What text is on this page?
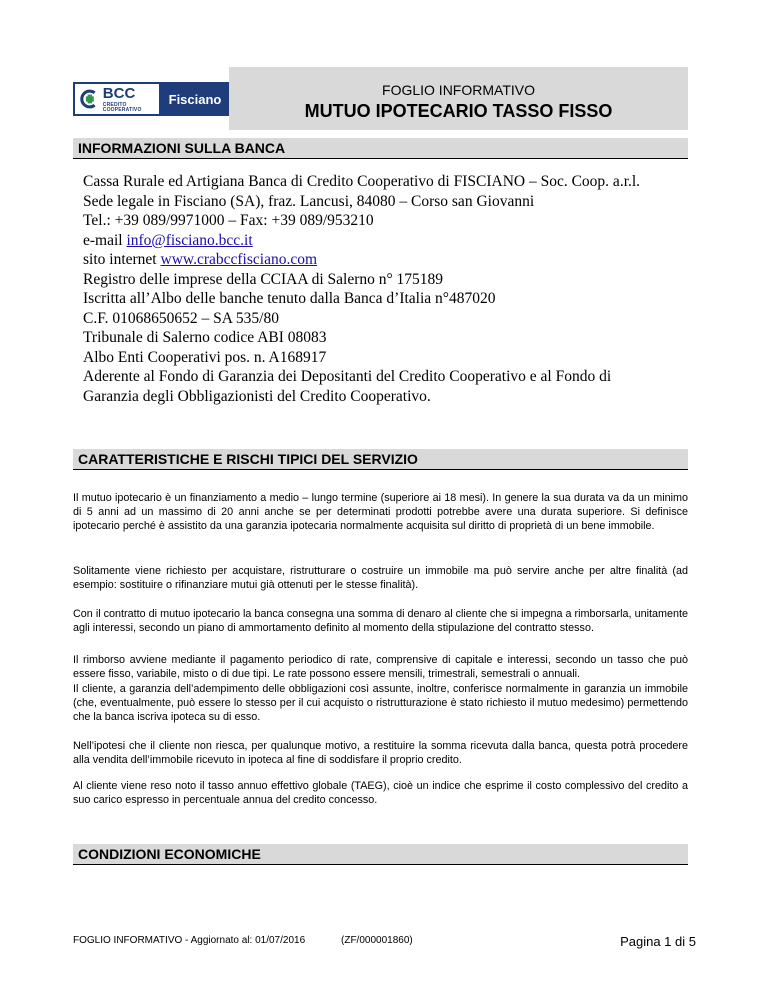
BCC
CREDITO COOPERATIVO
Fisciano
FOGLIO INFORMATIVO
MUTUO IPOTECARIO TASSO FISSO
INFORMAZIONI SULLA BANCA
Cassa Rurale ed Artigiana Banca di Credito Cooperativo di FISCIANO – Soc. Coop. a.r.l.
Sede legale in Fisciano (SA), fraz. Lancusi, 84080 – Corso san Giovanni
Tel.: +39 089/9971000 – Fax: +39 089/953210
e-mail info@fisciano.bcc.it
sito internet www.crabccfisciano.com
Registro delle imprese della CCIAA di Salerno n° 175189
Iscritta all’Albo delle banche tenuto dalla Banca d’Italia n°487020
C.F. 01068650652 – SA 535/80
Tribunale di Salerno codice ABI 08083
Albo Enti Cooperativi pos. n. A168917
Aderente al Fondo di Garanzia dei Depositanti del Credito Cooperativo e al Fondo di Garanzia degli Obbligazionisti del Credito Cooperativo.
CARATTERISTICHE E RISCHI TIPICI DEL SERVIZIO
Il mutuo ipotecario è un finanziamento a medio – lungo termine (superiore ai 18 mesi). In genere la sua durata va da un minimo di 5 anni ad un massimo di 20 anni anche se per determinati prodotti potrebbe avere una durata superiore. Si definisce ipotecario perché è assistito da una garanzia ipotecaria normalmente acquisita sul diritto di proprietà di un bene immobile.
Solitamente viene richiesto per acquistare, ristrutturare o costruire un immobile ma può servire anche per altre finalità (ad esempio: sostituire o rifinanziare mutui già ottenuti per le stesse finalità).
Con il contratto di mutuo ipotecario la banca consegna una somma di denaro al cliente che si impegna a rimborsarla, unitamente agli interessi, secondo un piano di ammortamento definito al momento della stipulazione del contratto stesso.
Il rimborso avviene mediante il pagamento periodico di rate, comprensive di capitale e interessi, secondo un tasso che può essere fisso, variabile, misto o di due tipi. Le rate possono essere mensili, trimestrali, semestrali o annuali.
Il cliente, a garanzia dell’adempimento delle obbligazioni così assunte, inoltre, conferisce normalmente in garanzia un immobile (che, eventualmente, può essere lo stesso per il cui acquisto o ristrutturazione è stato richiesto il mutuo medesimo) permettendo che la banca iscriva ipoteca su di esso.
Nell’ipotesi che il cliente non riesca, per qualunque motivo, a restituire la somma ricevuta dalla banca, questa potrà procedere alla vendita dell’immobile ricevuto in ipoteca al fine di soddisfare il proprio credito.
Al cliente viene reso noto il tasso annuo effettivo globale (TAEG), cioè un indice che esprime il costo complessivo del credito a suo carico espresso in percentuale annua del credito concesso.
CONDIZIONI ECONOMICHE
FOGLIO INFORMATIVO - Aggiornato al: 01/07/2016	(ZF/000001860)	Pagina 1 di 5
